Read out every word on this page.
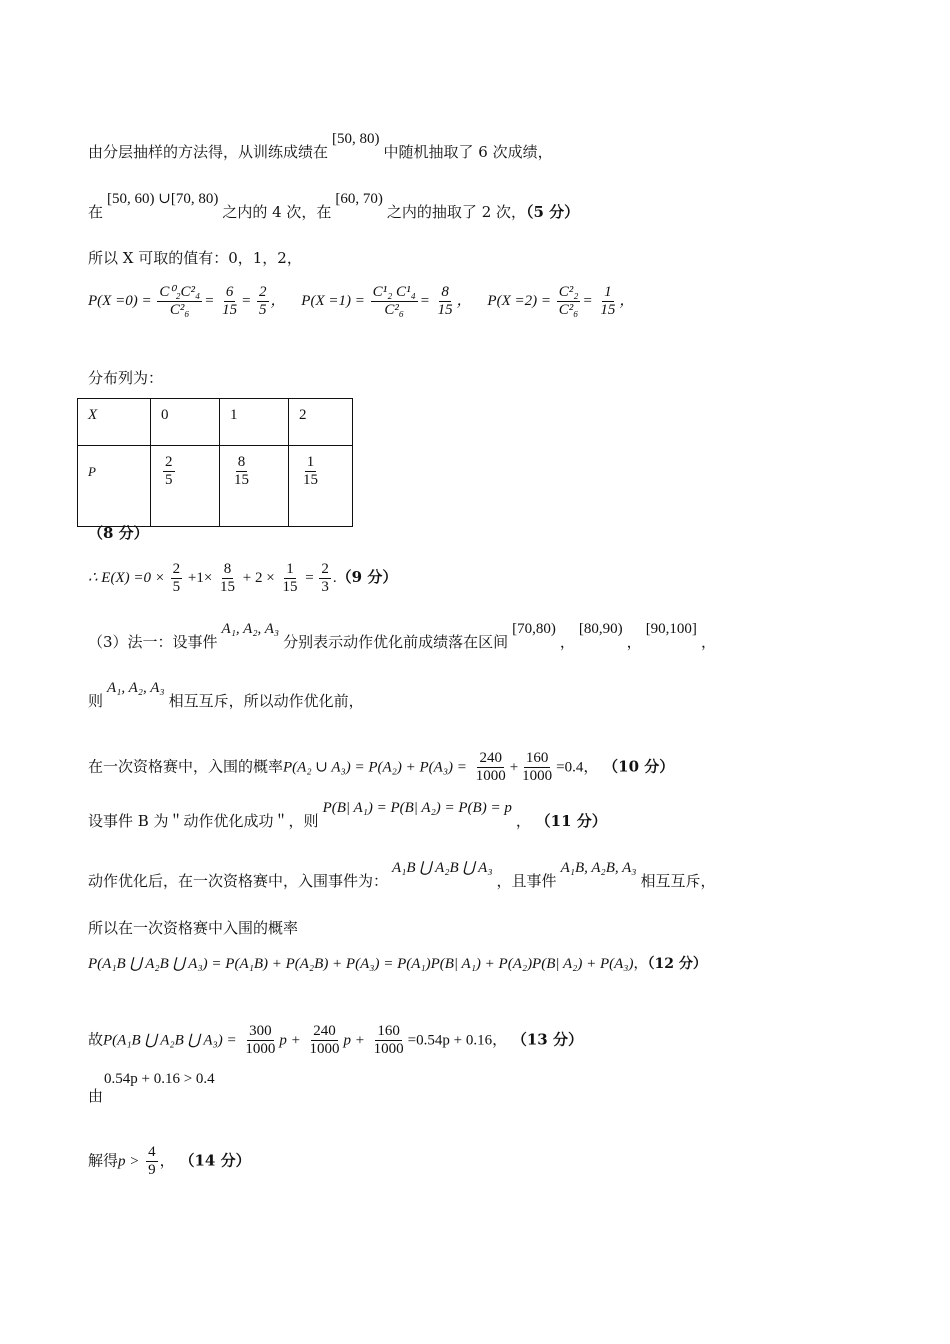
由分层抽样的方法得，从训练成绩在[50, 80)中随机抽取了 6 次成绩，
在[50, 60) ∪[70, 80)之内的 4 次，在[60, 70)之内的抽取了 2 次，（5 分）
所以 X 可取的值有：0，1，2，
$P(X =0) = \frac{\text{C⁰₂C²₄}}{\text{C²₆}} = \frac{6}{15} = \frac{2}{5}$ ， $P(X =1) = \frac{\text{C¹₂ C¹₄}}{\text{C²₆}} = \frac{8}{15}$ ， $P(X =2) = \frac{\text{C²₂}}{\text{C²₆}} = \frac{1}{15}$ ，
分布列为：
X	0	1	2
P	$\frac{2}{5}$	$\frac{8}{15}$	$\frac{1}{15}$
（8 分）
∴ $E(X) =0 \times \frac{2}{5} +1\times \frac{8}{15} + 2 \times \frac{1}{15} = \frac{2}{3} .(9$ 分）
（3）法一：设事件A₁, A₂, A₃分别表示动作优化前成绩落在区间[70,80)，[80,90)，[90,100]，
则A₁, A₂, A₃相互互斥，所以动作优化前，
在一次资格赛中，入围的概率P(A₂ ∪ $A_3) = P(A_2) + P(A_3) = \frac{240}{1000} + \frac{160}{1000} =0.4$， （10 分）
设事件 B 为＂动作优化成功＂，则P(B| A₁) = P(B| A₂) = P(B) = p， （11 分）
动作优化后，在一次资格赛中，入围事件为：A₁B ⋃ A₂B ⋃ A₃，且事件A₁B, A₂B, A₃相互互斥，
所以在一次资格赛中入围的概率
P(A₁B ⋃ A₂B ⋃ A₃) = P(A₁B) + P(A₂B) + P(A₃) = P(A₁)P(B| A₁) + P(A₂)P(B| A₂) + P(A₃)，（12 分）
故P(A₁B ⋃ A₂B ⋃ $A_3) = \frac{300}{1000}$ $p + \frac{240}{1000}$ $p + \frac{160}{1000} =0.54p + 0.16$， （13 分）
0.54p + 0.16 > 0.4
由
解得$p > \frac{4}{9}$ ， （14 分）
